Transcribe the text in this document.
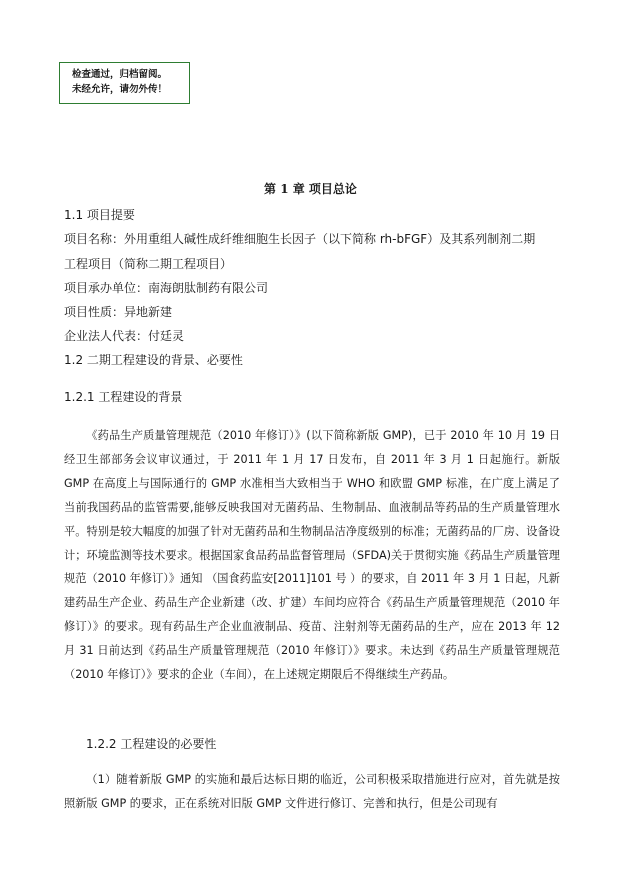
检查通过，归档留阅。
未经允许，请勿外传！
第 1 章 项目总论
1.1 项目提要
项目名称：外用重组人碱性成纤维细胞生长因子（以下简称 rh-bFGF）及其系列制剂二期
工程项目（简称二期工程项目）
项目承办单位：南海朗肽制药有限公司
项目性质：异地新建
企业法人代表：付廷灵
1.2 二期工程建设的背景、必要性
1.2.1 工程建设的背景
《药品生产质量管理规范（2010 年修订）》(以下简称新版 GMP)，已于 2010 年 10 月 19 日经卫生部部务会议审议通过，于 2011 年 1 月 17 日发布，自 2011 年 3 月 1 日起施行。新版 GMP 在高度上与国际通行的 GMP 水准相当大致相当于 WHO 和欧盟 GMP 标准，在广度上满足了当前我国药品的监管需要,能够反映我国对无菌药品、生物制品、血液制品等药品的生产质量管理水平。特别是较大幅度的加强了针对无菌药品和生物制品洁净度级别的标准；无菌药品的厂房、设备设计；环境监测等技术要求。根据国家食品药品监督管理局（SFDA)关于贯彻实施《药品生产质量管理规范（2010 年修订）》通知 （国食药监安[2011]101 号 ）的要求，自 2011 年 3 月 1 日起，凡新建药品生产企业、药品生产企业新建（改、扩建）车间均应符合《药品生产质量管理规范（2010 年修订）》的要求。现有药品生产企业血液制品、疫苗、注射剂等无菌药品的生产，应在 2013 年 12 月 31 日前达到《药品生产质量管理规范（2010 年修订）》要求。未达到《药品生产质量管理规范（2010 年修订）》要求的企业（车间），在上述规定期限后不得继续生产药品。
1.2.2 工程建设的必要性
（1）随着新版 GMP 的实施和最后达标日期的临近，公司积极采取措施进行应对，首先就是按照新版 GMP 的要求，正在系统对旧版 GMP 文件进行修订、完善和执行，但是公司现有
